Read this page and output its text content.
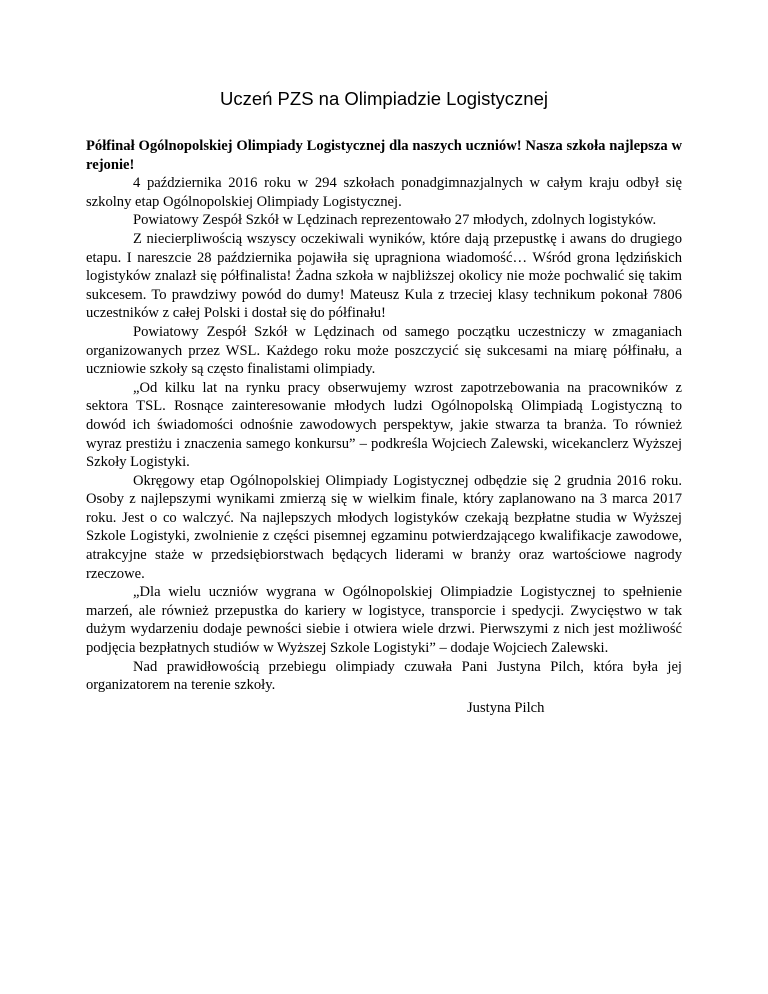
Uczeń PZS na Olimpiadzie Logistycznej

Półfinał Ogólnopolskiej Olimpiady Logistycznej dla naszych uczniów! Nasza szkoła najlepsza w rejonie!

4 października 2016 roku w 294 szkołach ponadgimnazjalnych w całym kraju odbył się szkolny etap Ogólnopolskiej Olimpiady Logistycznej.

Powiatowy Zespół Szkół w Lędzinach reprezentowało 27 młodych, zdolnych logistyków.

Z niecierpliwością wszyscy oczekiwali wyników, które dają przepustkę i awans do drugiego etapu. I nareszcie 28 października pojawiła się upragniona wiadomość… Wśród grona lędzińskich logistyków znalazł się półfinalista! Żadna szkoła w najbliższej okolicy nie może pochwalić się takim sukcesem. To prawdziwy powód do dumy! Mateusz Kula z trzeciej klasy technikum pokonał 7806 uczestników z całej Polski i dostał się do półfinału!

Powiatowy Zespół Szkół w Lędzinach od samego początku uczestniczy w zmaganiach organizowanych przez WSL. Każdego roku może poszczycić się sukcesami na miarę półfinału, a uczniowie szkoły są często finalistami olimpiady.

„Od kilku lat na rynku pracy obserwujemy wzrost zapotrzebowania na pracowników z sektora TSL. Rosnące zainteresowanie młodych ludzi Ogólnopolską Olimpiadą Logistyczną to dowód ich świadomości odnośnie zawodowych perspektyw, jakie stwarza ta branża. To również wyraz prestiżu i znaczenia samego konkursu” – podkreśla Wojciech Zalewski, wicekanclerz Wyższej Szkoły Logistyki.

Okręgowy etap Ogólnopolskiej Olimpiady Logistycznej odbędzie się 2 grudnia 2016 roku. Osoby z najlepszymi wynikami zmierzą się w wielkim finale, który zaplanowano na 3 marca 2017 roku. Jest o co walczyć. Na najlepszych młodych logistyków czekają bezpłatne studia w Wyższej Szkole Logistyki, zwolnienie z części pisemnej egzaminu potwierdzającego kwalifikacje zawodowe, atrakcyjne staże w przedsiębiorstwach będących liderami w branży oraz wartościowe nagrody rzeczowe.

„Dla wielu uczniów wygrana w Ogólnopolskiej Olimpiadzie Logistycznej to spełnienie marzeń, ale również przepustka do kariery w logistyce, transporcie i spedycji. Zwycięstwo w tak dużym wydarzeniu dodaje pewności siebie i otwiera wiele drzwi. Pierwszymi z nich jest możliwość podjęcia bezpłatnych studiów w Wyższej Szkole Logistyki” – dodaje Wojciech Zalewski.

Nad prawidłowością przebiegu olimpiady czuwała Pani Justyna Pilch, która była jej organizatorem na terenie szkoły.

Justyna Pilch
